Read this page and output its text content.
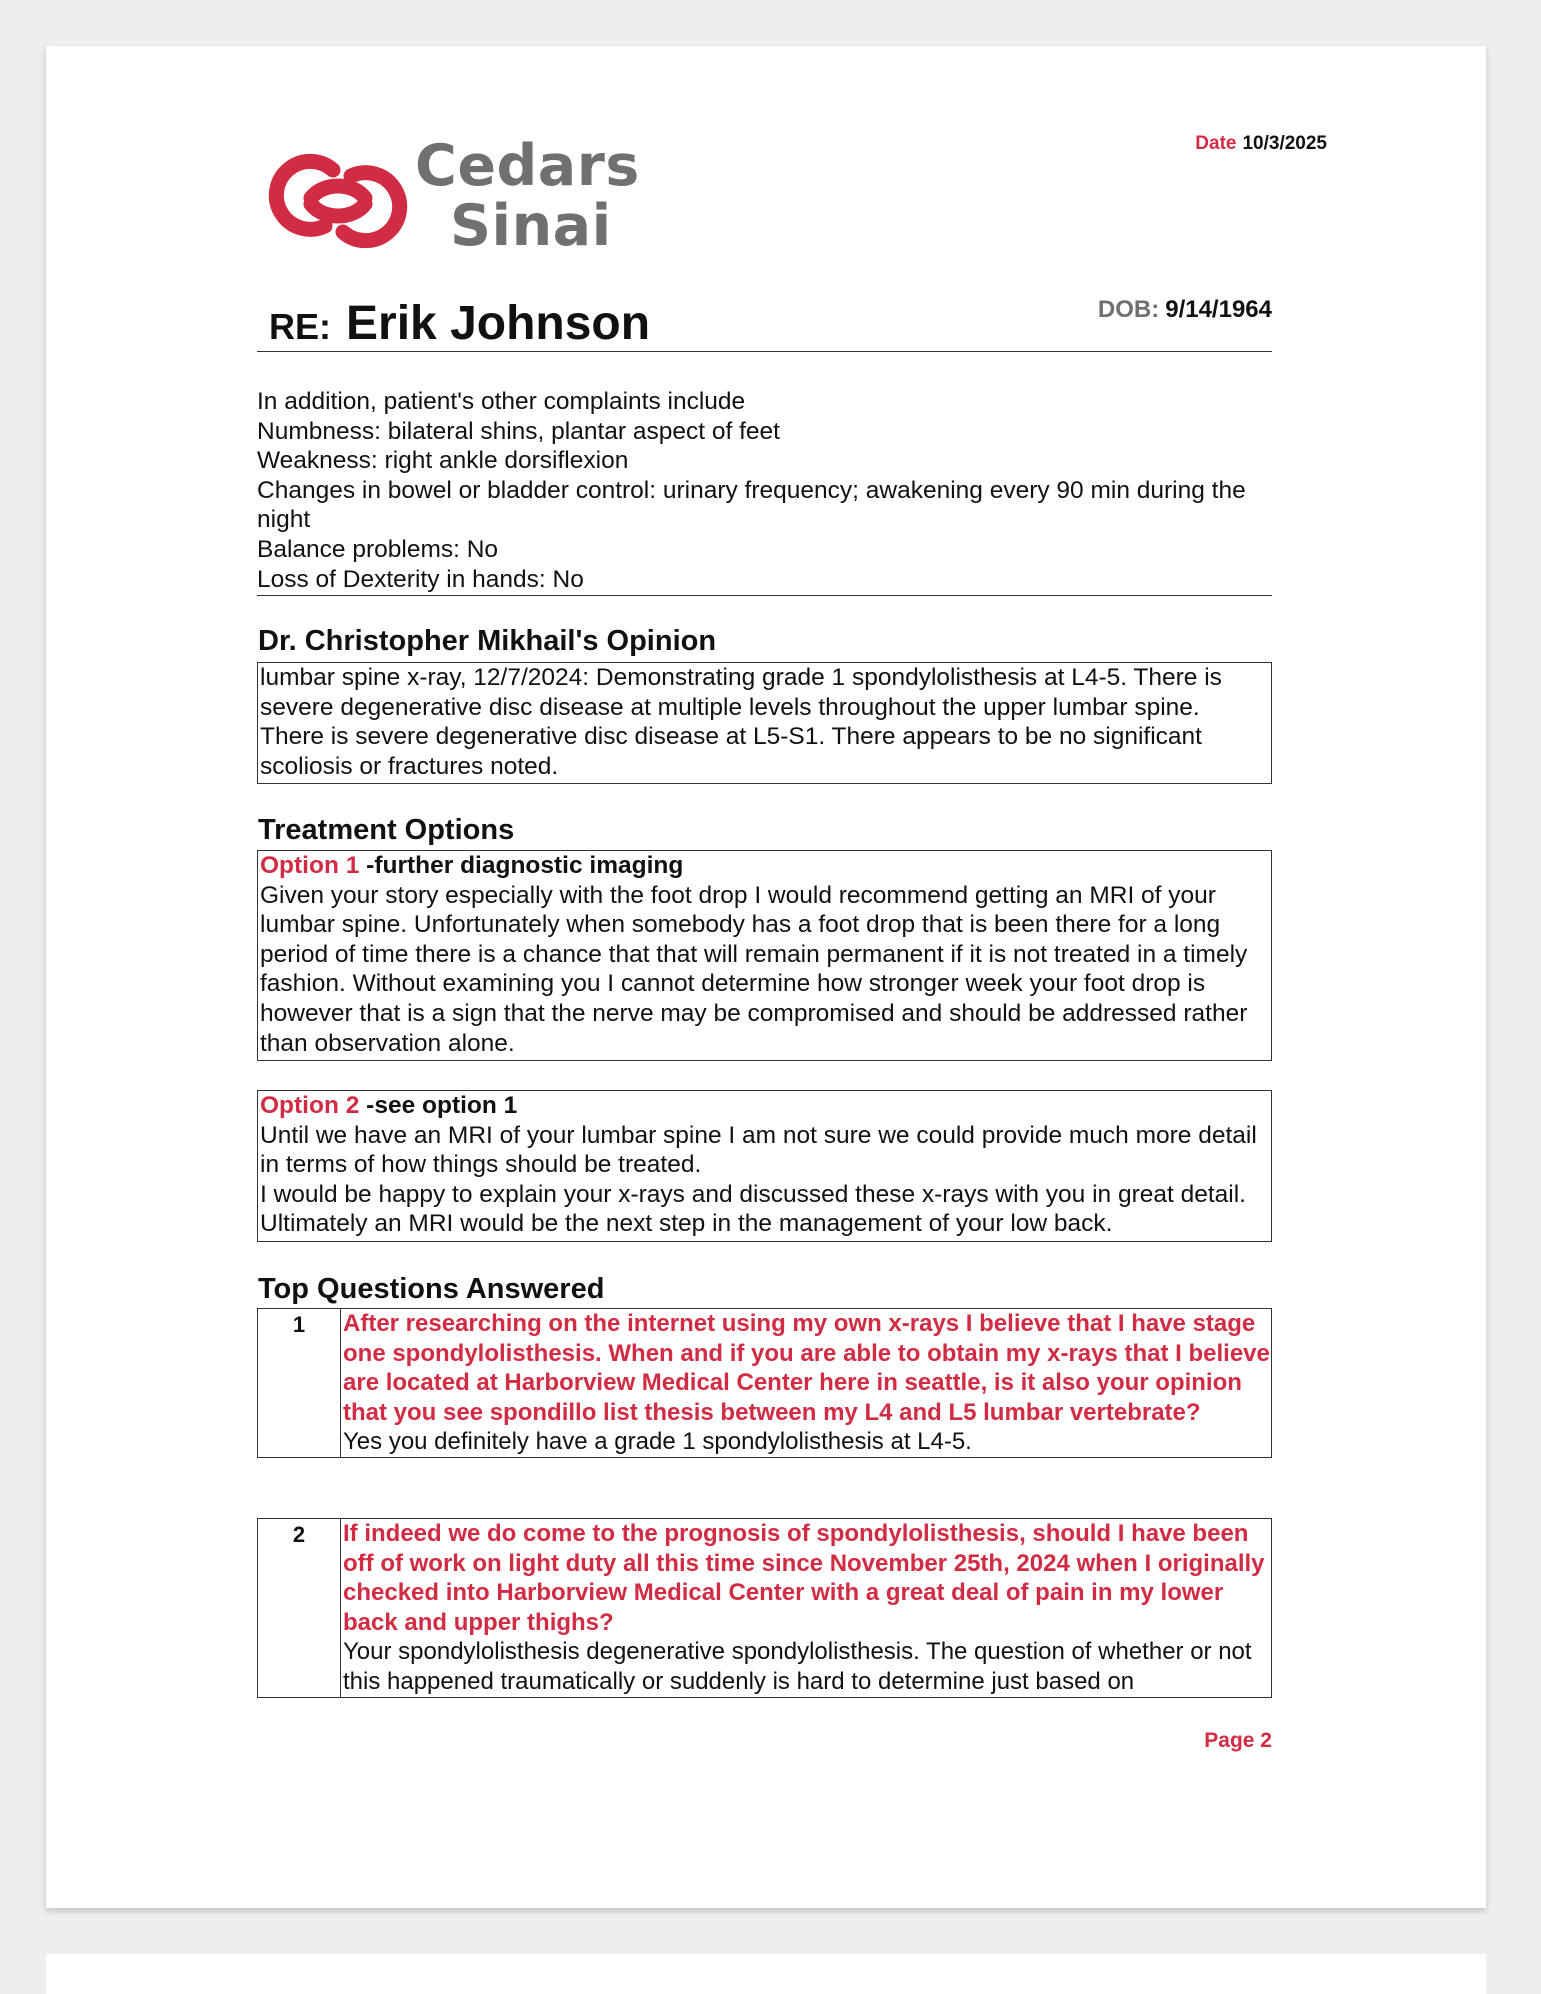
Cedars
Sinai
Date 10/3/2025
RE: Erik Johnson	DOB: 9/14/1964
In addition, patient's other complaints include
Numbness: bilateral shins, plantar aspect of feet
Weakness: right ankle dorsiflexion
Changes in bowel or bladder control: urinary frequency; awakening every 90 min during the night
Balance problems: No
Loss of Dexterity in hands: No
Dr. Christopher Mikhail's Opinion
lumbar spine x-ray, 12/7/2024: Demonstrating grade 1 spondylolisthesis at L4-5. There is severe degenerative disc disease at multiple levels throughout the upper lumbar spine. There is severe degenerative disc disease at L5-S1. There appears to be no significant scoliosis or fractures noted.
Treatment Options
Option 1 -further diagnostic imaging
Given your story especially with the foot drop I would recommend getting an MRI of your lumbar spine. Unfortunately when somebody has a foot drop that is been there for a long period of time there is a chance that that will remain permanent if it is not treated in a timely fashion. Without examining you I cannot determine how stronger week your foot drop is however that is a sign that the nerve may be compromised and should be addressed rather than observation alone.
Option 2 -see option 1
Until we have an MRI of your lumbar spine I am not sure we could provide much more detail in terms of how things should be treated.
I would be happy to explain your x-rays and discussed these x-rays with you in great detail. Ultimately an MRI would be the next step in the management of your low back.
Top Questions Answered
1	After researching on the internet using my own x-rays I believe that I have stage one spondylolisthesis. When and if you are able to obtain my x-rays that I believe are located at Harborview Medical Center here in seattle, is it also your opinion that you see spondillo list thesis between my L4 and L5 lumbar vertebrate?
Yes you definitely have a grade 1 spondylolisthesis at L4-5.
2	If indeed we do come to the prognosis of spondylolisthesis, should I have been off of work on light duty all this time since November 25th, 2024 when I originally checked into Harborview Medical Center with a great deal of pain in my lower back and upper thighs?
Your spondylolisthesis degenerative spondylolisthesis. The question of whether or not this happened traumatically or suddenly is hard to determine just based on
Page 2
